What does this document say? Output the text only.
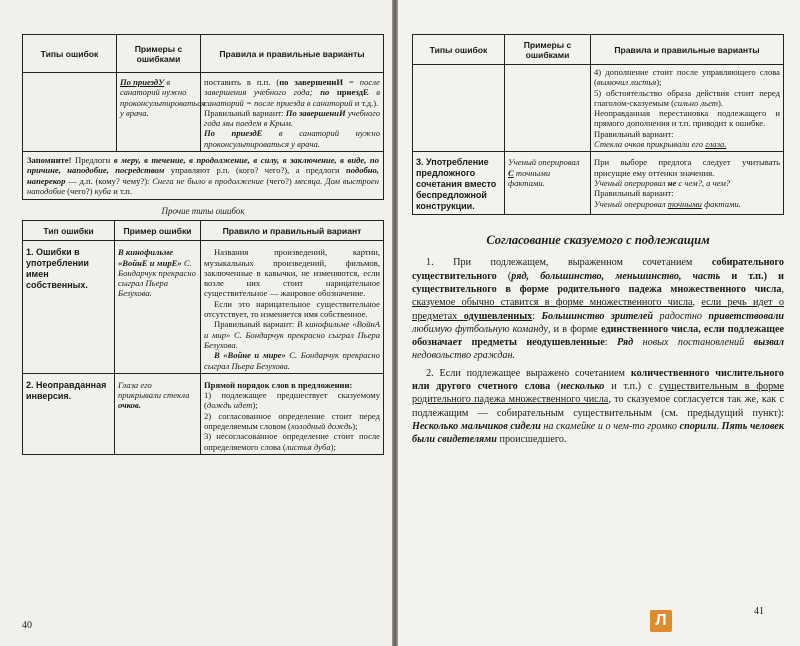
Типы ошибок	Примеры с ошибками	Правила и правильные варианты
	По приездУ в санаторий нужно проконсультироваться у врача.	поставить в п.п. (по завершениИ = после завершения учебного года; по приездЕ в санаторий = после приезда в санаторий и т.д.).

Правильный вариант: По завершениИ учебного года мы поедем в Крым.

По приездЕ в санаторий нужно проконсультироваться у врача.

Запомните! Предлоги в меру, в течение, в продолжение, в силу, в заключение, в виде, по причине, наподобие, посредством управляют р.п. (кого? чего?), а предлоги подобно, наперекор — д.п. (кому? чему?): Снега не было в продолжение (чего?) месяца. Дом выстроен наподобие (чего?) кубa и т.п.
Прочие типы ошибок
Тип ошибки	Пример ошибки	Правило и правильный вариант
1. Ошибки в употреблении имен собственных.	В кинофильме «ВойнЕ и мирЕ» С. Бондарчук прекрасно сыграл Пьера Безухова.	Названия произведений, картин, музыкальных произведений, фильмов, заключенные в кавычки, не изменяются, если возле них стоит нарицательное существительное — жанровое обозначение.

Если это нарицательное существительное отсутствует, то изменяется имя собственное.

Правильный вариант: В кинофильме «ВойнА и мир» С. Бондарчук прекрасно сыграл Пьера Безухова.

В «Войне и мире» С. Бондарчук прекрасно сыграл Пьера Безухова.

2. Неоправданная инверсия.	Глаза его прикрывали стекла очков.	Прямой порядок слов в предложении:

1) подлежащее предшествует сказуемому (дождь идет);

2) согласованное определение стоит перед определяемым словом (холодный дождь);

3) несогласованное определение стоит после определяемого слова (листья дуба);

40
Типы ошибок	Примеры с ошибками	Правила и правильные варианты

		4) дополнение стоит после управляющего слова (вымочил листья);

5) обстоятельство образа действия стоит перед глаголом-сказуемым (сильно льет).

Неоправданная перестановка подлежащего и прямого дополнения и т.п. приводит к ошибке.

Правильный вариант:

Стекла очков прикрывали его глаза.

3. Употребление предложного сочетания вместо беспредложной конструкции.	Ученый оперировал С точными фактами.	При выборе предлога следует учитывать присущие ему оттенки значения.

Ученый оперировал не с чем?, а чем?

Правильный вариант:

Ученый оперировал точными фактами.

Согласование сказуемого с подлежащим

1. При подлежащем, выраженном сочетанием собирательного существительного (ряд, большинство, меньшинство, часть и т.п.) и существительного в форме родительного падежа множественного числа, сказуемое обычно ставится в форме множественного числа, если речь идет о предметах одушевленных: Большинство зрителей радостно приветствовали любимую футбольную команду, и в форме единственного числа, если подлежащее обозначает предметы неодушевленные: Ряд новых постановлений вызвал недовольство граждан.

2. Если подлежащее выражено сочетанием количественного числительного или другого счетного слова (несколько и т.п.) с существительным в форме родительного падежа множественного числа, то сказуемое согласуется так же, как с подлежащим — собирательным существительным (см. предыдущий пункт): Несколько мальчиков сидели на скамейке и о чем-то громко спорили. Пять человек были свидетелями происшедшего.

41
Л
